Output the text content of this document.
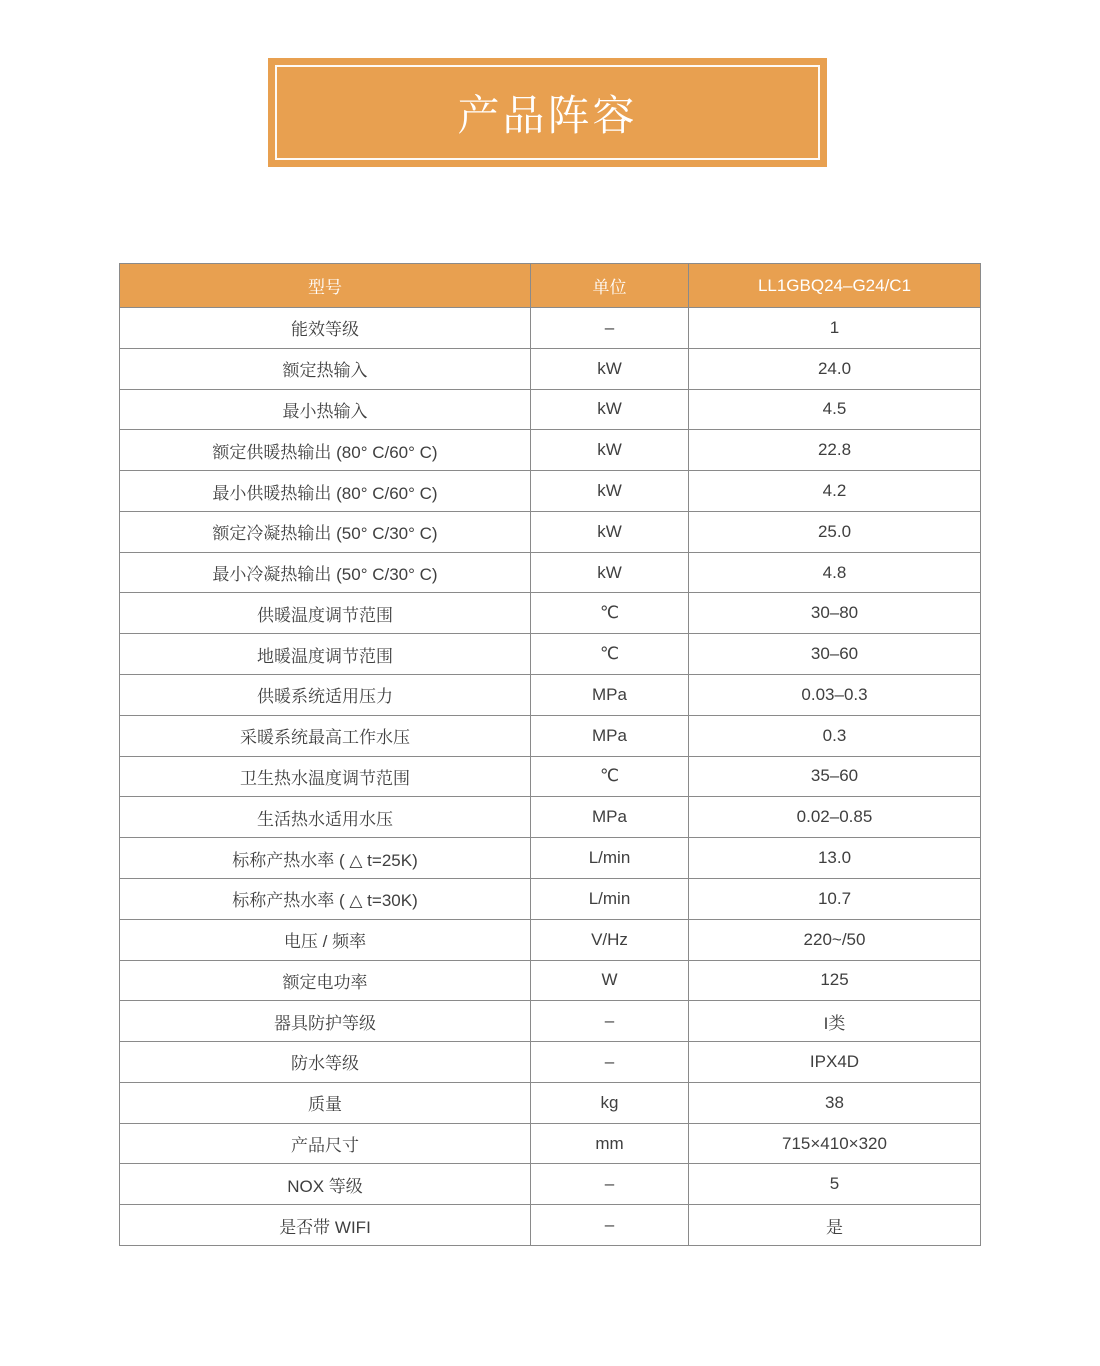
产品阵容
型号	单位	LL1GBQ24–G24/C1
能效等级	–	1
额定热输入	kW	24.0
最小热输入	kW	4.5
额定供暖热输出 (80° C/60° C)	kW	22.8
最小供暖热输出 (80° C/60° C)	kW	4.2
额定冷凝热输出 (50° C/30° C)	kW	25.0
最小冷凝热输出 (50° C/30° C)	kW	4.8
供暖温度调节范围	℃	30–80
地暖温度调节范围	℃	30–60
供暖系统适用压力	MPa	0.03–0.3
采暖系统最高工作水压	MPa	0.3
卫生热水温度调节范围	℃	35–60
生活热水适用水压	MPa	0.02–0.85
标称产热水率 ( △ t=25K)	L/min	13.0
标称产热水率 ( △ t=30K)	L/min	10.7
电压 / 频率	V/Hz	220~/50
额定电功率	W	125
器具防护等级	–	I类
防水等级	–	IPX4D
质量	kg	38
产品尺寸	mm	715×410×320
NOX 等级	–	5
是否带 WIFI	–	是
